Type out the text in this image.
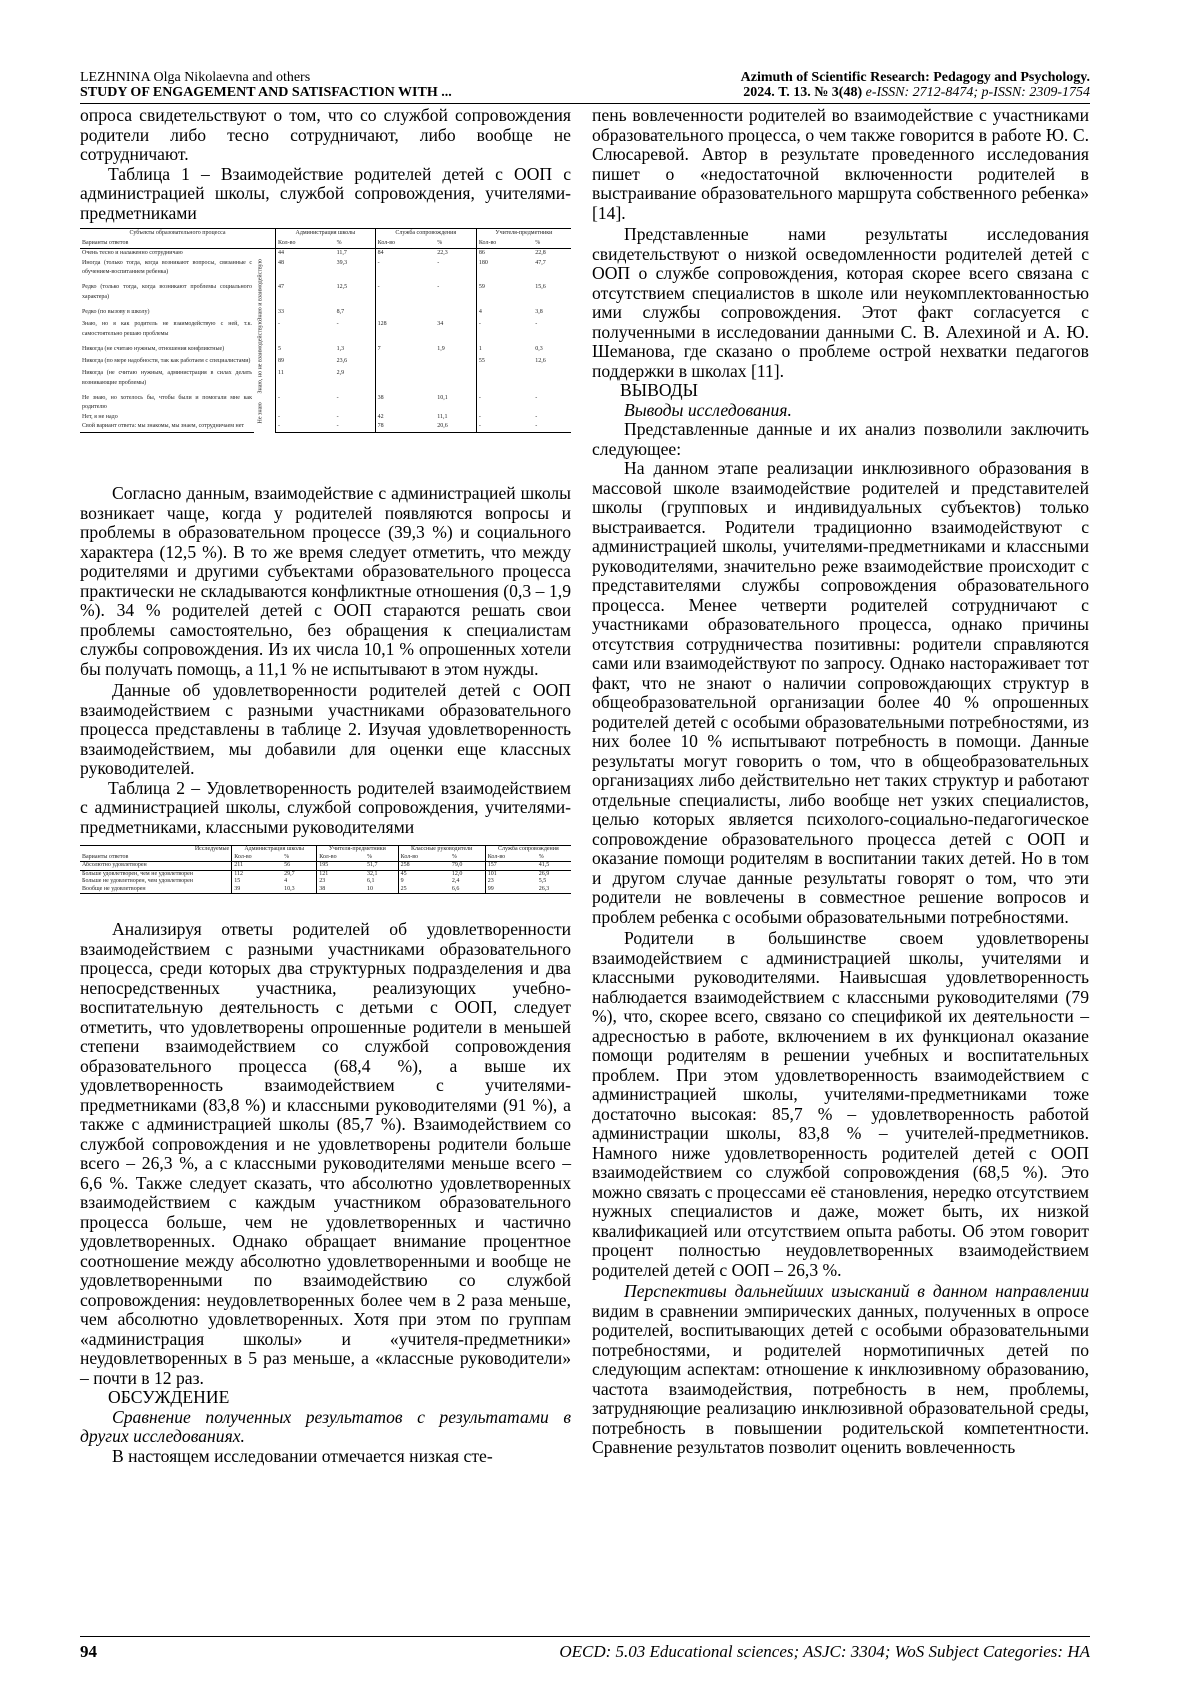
LEZHNINA Olga Nikolaevna and others
STUDY OF ENGAGEMENT AND SATISFACTION WITH ...
Azimuth of Scientific Research: Pedagogy and Psychology.
2024. Т. 13. № 3(48) e-ISSN: 2712-8474; p-ISSN: 2309-1754

опроса свидетельствуют о том, что со службой сопровождения родители либо тесно сотрудничают, либо вообще не сотрудничают.

Таблица 1 – Взаимодействие родителей детей с ООП с администрацией школы, службой сопровождения, учителями-предметниками

Субъекты образовательного процесса		Администрация школы		Служба сопровождения		Учителя-предметники	
Варианты ответов		Кол-во	%	Кол-во	%	Кол-во	%
Очень тесно и налаженно сотрудничаю		44	11,7	84	22,3	86	22,8
Иногда (только тогда, когда возникают вопросы, связанные с обучением-воспитанием ребенка)	Знаю и взаимодействую	48	39,3	-	-	180	47,7
Редко (только тогда, когда возникают проблемы социального характера)		47	12,5	-	-	59	15,6
Редко (по вызову в школу)		33	8,7			4	3,8
Знаю, но я как родитель не взаимодействую с ней, т.к. самостоятельно решаю проблемы	Знаю, но не взаимодействую	-	-	128	34	-	-
Никогда (не считаю нужным, отношения конфликтные)		5	1,3	7	1,9	1	0,3
Никогда (по мере надобности, так как работаем с специалистами)		89	23,6			55	12,6
Никогда (не считаю нужным, администрация в силах делать возникающие проблемы)		11	2,9				
Не знаю, но хотелось бы, чтобы были и помогали мне как родителю	Не знаю	-	-	38	10,1	-	-
Нет, я не надо		-	-	42	11,1	-	-
Свой вариант ответа: мы знакомы, мы знаем, сотрудничаем нет		-	-	78	20,6	-	-

Согласно данным, взаимодействие с администрацией школы возникает чаще, когда у родителей появляются вопросы и проблемы в образовательном процессе (39,3 %) и социального характера (12,5 %). В то же время следует отметить, что между родителями и другими субъектами образовательного процесса практически не складываются конфликтные отношения (0,3 – 1,9 %). 34 % родителей детей с ООП стараются решать свои проблемы самостоятельно, без обращения к специалистам службы сопровождения. Из их числа 10,1 % опрошенных хотели бы получать помощь, а 11,1 % не испытывают в этом нужды.

Данные об удовлетворенности родителей детей с ООП взаимодействием с разными участниками образовательного процесса представлены в таблице 2. Изучая удовлетворенность взаимодействием, мы добавили для оценки еще классных руководителей.

Таблица 2 – Удовлетворенность родителей взаимодействием с администрацией школы, службой сопровождения, учителями-предметниками, классными руководителями

Исследуемые	Администрация школы		Учителя-предметники		Классные руководители		Служба сопровождения	
Варианты ответов	Кол-во	%	Кол-во	%	Кол-во	%	Кол-во	%
Абсолютно удовлетворен	211	56	195	51,7	258	79,0	157	41,5
Больше удовлетворен, чем не удовлетворен	112	29,7	121	32,1	45	12,0	101	26,9
Больше не удовлетворен, чем удовлетворен	15	4	23	6,1	9	2,4	23	5,5
Вообще не удовлетворен	39	10,3	38	10	25	6,6	99	26,3

Анализируя ответы родителей об удовлетворенности взаимодействием с разными участниками образовательного процесса, среди которых два структурных подразделения и два непосредственных участника, реализующих учебно-воспитательную деятельность с детьми с ООП, следует отметить, что удовлетворены опрошенные родители в меньшей степени взаимодействием со службой сопровождения образовательного процесса (68,4 %), а выше их удовлетворенность взаимодействием с учителями-предметниками (83,8 %) и классными руководителями (91 %), а также с администрацией школы (85,7 %). Взаимодействием со службой сопровождения и не удовлетворены родители больше всего – 26,3 %, а с классными руководителями меньше всего – 6,6 %. Также следует сказать, что абсолютно удовлетворенных взаимодействием с каждым участником образовательного процесса больше, чем не удовлетворенных и частично удовлетворенных. Однако обращает внимание процентное соотношение между абсолютно удовлетворенными и вообще не удовлетворенными по взаимодействию со службой сопровождения: неудовлетворенных более чем в 2 раза меньше, чем абсолютно удовлетворенных. Хотя при этом по группам «администрация школы» и «учителя-предметники» неудовлетворенных в 5 раз меньше, а «классные руководители» – почти в 12 раз.

ОБСУЖДЕНИЕ

Сравнение полученных результатов с результатами в других исследованиях.

В настоящем исследовании отмечается низкая сте-

пень вовлеченности родителей во взаимодействие с участниками образовательного процесса, о чем также говорится в работе Ю. С. Слюсаревой. Автор в результате проведенного исследования пишет о «недостаточной включенности родителей в выстраивание образовательного маршрута собственного ребенка» [14].

Представленные нами результаты исследования свидетельствуют о низкой осведомленности родителей детей с ООП о службе сопровождения, которая скорее всего связана с отсутствием специалистов в школе или неукомплектованностью ими службы сопровождения. Этот факт согласуется с полученными в исследовании данными С. В. Алехиной и А. Ю. Шеманова, где сказано о проблеме острой нехватки педагогов поддержки в школах [11].

ВЫВОДЫ

Выводы исследования.

Представленные данные и их анализ позволили заключить следующее:

На данном этапе реализации инклюзивного образования в массовой школе взаимодействие родителей и представителей школы (групповых и индивидуальных субъектов) только выстраивается. Родители традиционно взаимодействуют с администрацией школы, учителями-предметниками и классными руководителями, значительно реже взаимодействие происходит с представителями службы сопровождения образовательного процесса. Менее четверти родителей сотрудничают с участниками образовательного процесса, однако причины отсутствия сотрудничества позитивны: родители справляются сами или взаимодействуют по запросу. Однако настораживает тот факт, что не знают о наличии сопровождающих структур в общеобразовательной организации более 40 % опрошенных родителей детей с особыми образовательными потребностями, из них более 10 % испытывают потребность в помощи. Данные результаты могут говорить о том, что в общеобразовательных организациях либо действительно нет таких структур и работают отдельные специалисты, либо вообще нет узких специалистов, целью которых является психолого-социально-педагогическое сопровождение образовательного процесса детей с ООП и оказание помощи родителям в воспитании таких детей. Но в том и другом случае данные результаты говорят о том, что эти родители не вовлечены в совместное решение вопросов и проблем ребенка с особыми образовательными потребностями.

Родители в большинстве своем удовлетворены взаимодействием с администрацией школы, учителями и классными руководителями. Наивысшая удовлетворенность наблюдается взаимодействием с классными руководителями (79 %), что, скорее всего, связано со спецификой их деятельности – адресностью в работе, включением в их функционал оказание помощи родителям в решении учебных и воспитательных проблем. При этом удовлетворенность взаимодействием с администрацией школы, учителями-предметниками тоже достаточно высокая: 85,7 % – удовлетворенность работой администрации школы, 83,8 % – учителей-предметников. Намного ниже удовлетворенность родителей детей с ООП взаимодействием со службой сопровождения (68,5 %). Это можно связать с процессами её становления, нередко отсутствием нужных специалистов и даже, может быть, их низкой квалификацией или отсутствием опыта работы. Об этом говорит процент полностью неудовлетворенных взаимодействием родителей детей с ООП – 26,3 %.

Перспективы дальнейших изысканий в данном направлении видим в сравнении эмпирических данных, полученных в опросе родителей, воспитывающих детей с особыми образовательными потребностями, и родителей нормотипичных детей по следующим аспектам: отношение к инклюзивному образованию, частота взаимодействия, потребность в нем, проблемы, затрудняющие реализацию инклюзивной образовательной среды, потребность в повышении родительской компетентности. Сравнение результатов позволит оценить вовлеченность

94	OECD: 5.03 Educational sciences; ASJC: 3304; WoS Subject Categories: HA
